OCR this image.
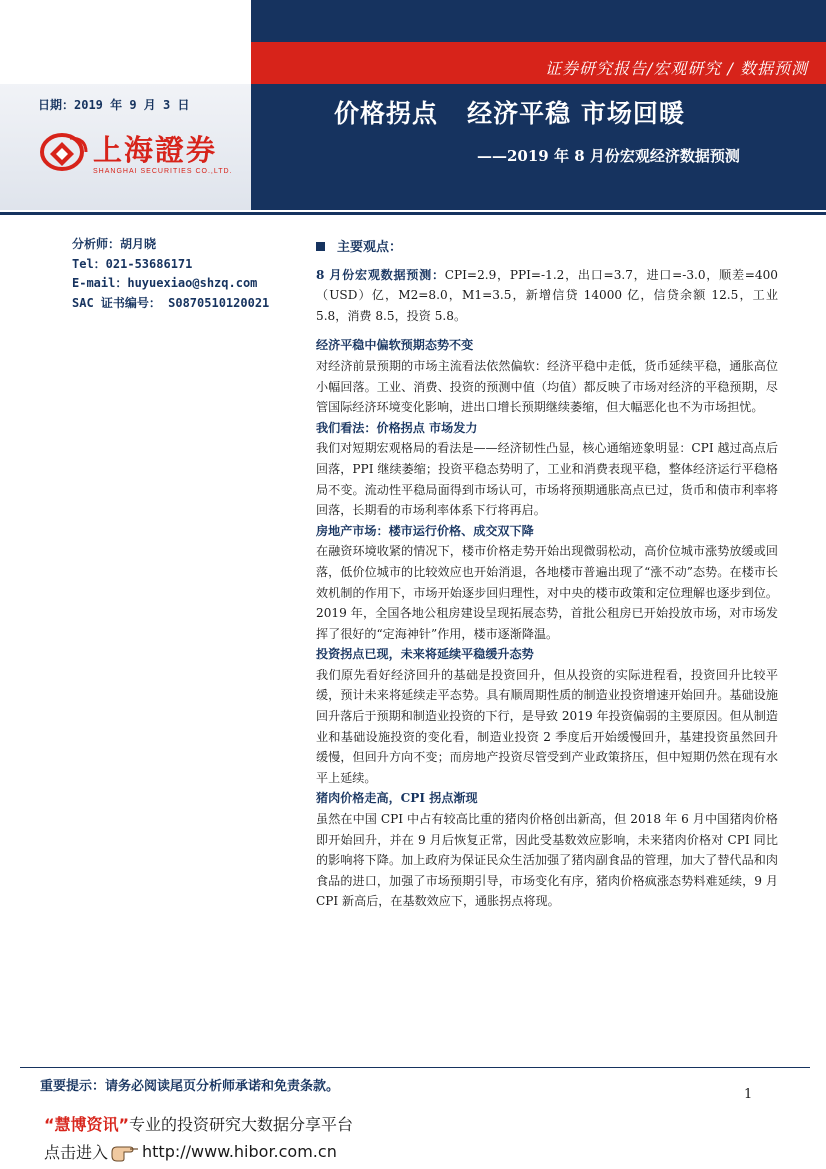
证券研究报告/宏观研究 / 数据预测
日期：2019 年 9 月 3 日
上海證券
SHANGHAI SECURITIES CO.,LTD.
价格拐点   经济平稳 市场回暖
——2019 年 8 月份宏观经济数据预测
分析师：胡月晓
Tel：021-53686171
E-mail：huyuexiao@shzq.com
SAC 证书编号： S0870510120021
主要观点：

8 月份宏观数据预测：CPI=2.9，PPI=-1.2，出口=3.7，进口=-3.0，顺差=400（USD）亿，M2=8.0，M1=3.5，新增信贷 14000 亿，信贷余额 12.5，工业 5.8，消费 8.5，投资 5.8。

经济平稳中偏软预期态势不变

对经济前景预期的市场主流看法依然偏软：经济平稳中走低，货币延续平稳，通胀高位小幅回落。工业、消费、投资的预测中值（均值）都反映了市场对经济的平稳预期，尽管国际经济环境变化影响，进出口增长预期继续萎缩，但大幅恶化也不为市场担忧。

我们看法：价格拐点 市场发力

我们对短期宏观格局的看法是——经济韧性凸显，核心通缩迹象明显：CPI 越过高点后回落，PPI 继续萎缩；投资平稳态势明了，工业和消费表现平稳，整体经济运行平稳格局不变。流动性平稳局面得到市场认可，市场将预期通胀高点已过，货币和债市利率将回落，长期看的市场利率体系下行将再启。

房地产市场：楼市运行价格、成交双下降

在融资环境收紧的情况下，楼市价格走势开始出现微弱松动，高价位城市涨势放缓或回落，低价位城市的比较效应也开始消退，各地楼市普遍出现了“涨不动”态势。在楼市长效机制的作用下，市场开始逐步回归理性，对中央的楼市政策和定位理解也逐步到位。2019 年，全国各地公租房建设呈现拓展态势，首批公租房已开始投放市场，对市场发挥了很好的“定海神针”作用，楼市逐渐降温。

投资拐点已现，未来将延续平稳缓升态势

我们原先看好经济回升的基础是投资回升，但从投资的实际进程看，投资回升比较平缓，预计未来将延续走平态势。具有顺周期性质的制造业投资增速开始回升。基础设施回升落后于预期和制造业投资的下行，是导致 2019 年投资偏弱的主要原因。但从制造业和基础设施投资的变化看，制造业投资 2 季度后开始缓慢回升，基建投资虽然回升缓慢，但回升方向不变；而房地产投资尽管受到产业政策挤压，但中短期仍然在现有水平上延续。

猪肉价格走高，CPI 拐点渐现

虽然在中国 CPI 中占有较高比重的猪肉价格创出新高，但 2018 年 6 月中国猪肉价格即开始回升，并在 9 月后恢复正常，因此受基数效应影响，未来猪肉价格对 CPI 同比的影响将下降。加上政府为保证民众生活加强了猪肉副食品的管理，加大了替代品和肉食品的进口，加强了市场预期引导，市场变化有序，猪肉价格疯涨态势料难延续，9 月 CPI 新高后，在基数效应下，通胀拐点将现。

重要提示：请务必阅读尾页分析师承诺和免责条款。
1
“慧博资讯”专业的投资研究大数据分享平台
点击进入 http://www.hibor.com.cn
